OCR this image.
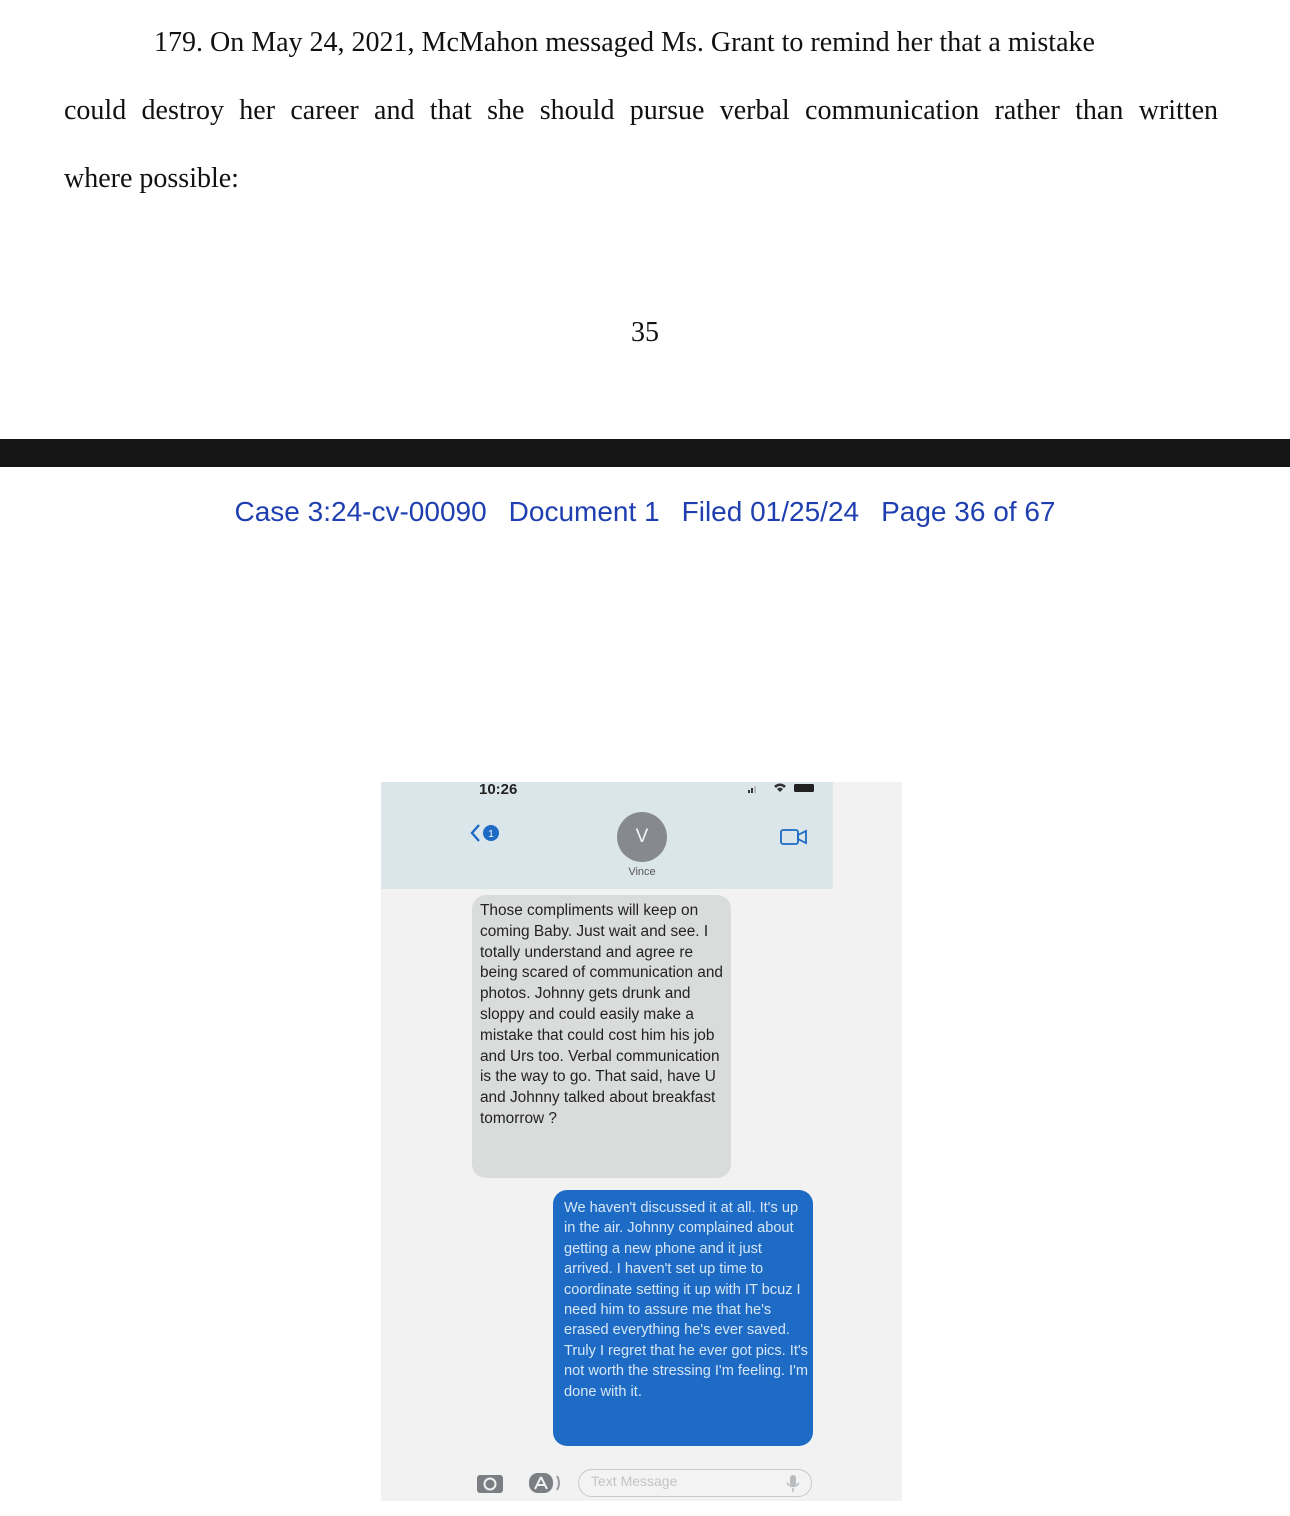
179. On May 24, 2021, McMahon messaged Ms. Grant to remind her that a mistake
could destroy her career and that she should pursue verbal communication rather than written
where possible:
35
Case 3:24-cv-00090 Document 1 Filed 01/25/24 Page 36 of 67
10:26
1	V
Vince
Those compliments will keep on coming Baby. Just wait and see. I totally understand and agree re being scared of communication and photos. Johnny gets drunk and sloppy and could easily make a mistake that could cost him his job and Urs too. Verbal communication is the way to go. That said, have U and Johnny talked about breakfast tomorrow ?
We haven't discussed it at all. It's up in the air. Johnny complained about getting a new phone and it just arrived. I haven't set up time to coordinate setting it up with IT bcuz I need him to assure me that he's erased everything he's ever saved. Truly I regret that he ever got pics. It's not worth the stressing I'm feeling. I'm done with it.
Text Message
